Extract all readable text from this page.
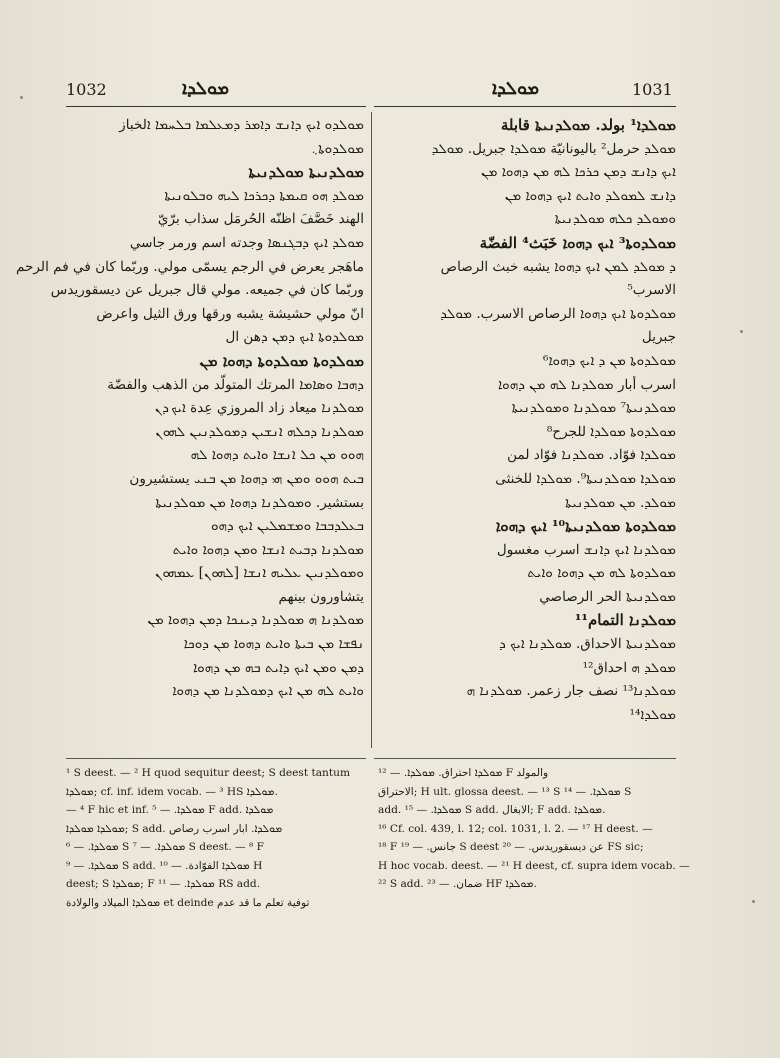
1032	ܡܘܠܕܐ	ܡܘܠܕܐ	1031
ܡܘܠܕܘ ܐܝܟ ܕܐܢܫ ܕܐܡܪ ܕܡܥܠܡܐ ܒܠܚܡܐ ܐلخباز
ܡܘܠܕܘܬܐ܆
ܡܘܠܕܢܝܬܐ ܡܘܠܕܢܝܬܐ
ܡܘܠܕ ܗܘ ܩܝܡܬܐ ܕܟܪܟܐ ܠܝܗ ܘܒܠܘܢܝܬܐ
الهند خَصَّفَ اظنّه الحُرمَل سذاب برّيّ
ܡܘܠܕ ܐܝܟ ܕܒܓܢܣܐ وجدته اسم ورمر جاسي
ماهَجر يعرض في الرجم يسمّى مولي. وربّما كان في فم الرحم
وربّما كان في جميعه. مولي قال جبريل عن ديسقوريدس
انّ مولي حشيشة يشبه ورقها ورق الثيل واعرض
ܡܘܠܕܘܬܐ ܐܝܟ ܕܡܢ ܕهن ال
ܡܘܠܕܘܬܐ ܡܘܠܕܘܬܐ ܕܗܘܐ ܡܢ
ܕܗܒܐ ܘܣܐܡܐ المرتك المتولّد من الذهب والفضّة
ܡܘܠܕܢܐ ميعاد زاد المروزي عِدة ܐܝܟ ܕܢ
ܡܘܠܕܢܐ ܕܟܠܗ ܐܢܫܝܢ ܕܡܘܠܕܢܝܢ ܠܗܘܢ
ܗܘܘ ܡܢ ܟܠ ܐܢܫܐ ܘܐܝܬ ܕܗܘܐ ܠܗ
ܒܝܬ ܗܘܘ ܘܡܢ ܗܝ ܕܗܘܐ ܡܢ ܒܢܝ يستشيرون
بستشير. ܘܡܘܠܕܢܐ ܕܗܘܐ ܡܢ ܡܘܠܕܢܝܬܐ
ܒܥܠܕܒܒܐ ܘܡܫܡܠܝܢ ܐܝܟ ܕܗܘ
ܡܘܠܕܢܐ ܕܒܝܬ ܐܢܫܐ ܘܡܢ ܕܗܘܐ ܘܐܝܬ
ܘܡܘܠܕܢܝܢ ܥܠܝܗ ܐܢܫܐ [ܠܗܘܢ] ܥܡܗܘܢ
يتشاورون بينهم
ܡܘܠܕܢܐ ܗ ܡܘܠܕܢܐ ܕܝܢܟܐ ܕܡܢ ܕܗܘܐ ܡܢ
ܢܦܫܐ ܡܢ ܒܝܬܐ ܘܐܝܬ ܕܗܘܐ ܡܢ ܕܘܟܐ
ܕܡܢ ܘܡܢ ܐܝܟ ܕܐܝܬ ܒܗ ܡܢ ܕܗܘܐ
ܘܐܝܬ ܠܗ ܡܢ ܐܝܟ ܕܡܘܠܕܢܐ ܡܢ ܕܗܘܐ
ܡܘܠܕܐ¹ بولد. ܡܘܠܕܢܝܬܐ قابلة
ܡܘܠܕ حرمل² باليونانيّة ܡܘܠܕܐ جبريل. ܡܘܠܕ
ܐܝܟ ܕܐܢܫ ܕܡܢ ܟܪܟܐ ܠܗ ܡܢ ܕܗܘܐ ܡܢ
ܕܐܢܫ ܠܡܘܠܕ ܘܐܝܬ ܐܝܟ ܕܗܘܐ ܡܢ
ܘܡܘܠܕ ܟܠܗ ܡܘܠܕܢܝܬܐ
ܡܘܠܕܘܬܐ³ ܐܝܟ ܕܗܘܐ خَبَث⁴ الفضّة
ܕ ܡܘܠܕ ܠܡܢ ܐܝܟ ܕܗܘܐ يشبه خبث الرصاص
الاسرب⁵
ܡܘܠܕܘܬܐ ܐܝܟ ܕܗܘܐ الرصاص الاسرب. ܡܘܠܕ
جبريل
ܡܘܠܕܘܬܐ ܡܢ ܕ ܐܝܟ ܕܗܘܐ⁶
اسرب أبار ܡܘܠܕܢܐ ܠܗ ܡܢ ܕܗܘܐ
ܡܘܠܕܢܝܬܐ⁷ ܡܘܠܕܢܐ ܘܡܘܠܕܢܝܬܐ
ܡܘܠܕܘܬܐ ܡܘܠܕܐ للجرح⁸
ܡܘܠܕܐ فوّاد. ܡܘܠܕܢܐ فوّاد لمن
ܡܘܠܕܐ ܡܘܠܕܢܝܬܐ⁹. ܡܘܠܕܐ للخنثى
ܡܘܠܕ. ܡܢ ܡܘܠܕܢܝܬܐ
ܡܘܠܕܘܬܐ ܡܘܠܕܢܝܬܐ¹⁰ ܐܝܟ ܕܗܘܐ
ܡܘܠܕܢܐ ܐܝܟ ܕܐܢܫ اسرب مغسول
ܡܘܠܕܘܬܐ ܠܗ ܡܢ ܕܗܘܐ ܘܐܝܬ
ܡܘܠܕܢܝܬܐ الحر الرصاصي
ܡܘܠܕܢܐ التمام¹¹
ܡܘܠܕܢܝܬܐ الاحداق. ܡܘܠܕܢܐ ܐܝܟ ܕ
ܡܘܠܕ ܗ احداق¹²
ܡܘܠܕܢܐ¹³ نصف جار زعمر. ܡܘܠܕܢܐ ܗ
ܡܘܠܕܐ¹⁴
¹ S deest. — ² H quod sequitur deest; S deest tantum
ܡܘܠܕܐ; cf. inf. idem vocab. — ³ HS ܡܘܠܕܐ.
— ⁴ F hic et inf. ܡܘܠܕܐ. — ⁵ F add. ܡܘܠܕܐ
ܡܘܠܕܐ ܡܘܠܕܐ; S add. ܡܘܠܕܐ. ابار اسرب رصاص
ܡܘܠܕܐ. — ⁶ S ܡܘܠܕܐ. — ⁷ S deest. — ⁸ F
ܡܘܠܕܐ. — ⁹ S add. ܡܘܠܕܐ الفوّادة. — ¹⁰ H
deest; S ܡܘܠܕܐ; F ܡܘܠܕܐ. — ¹¹ RS add.
ܡܘܠܕܐ الميلاد والولادة et deinde توفية تعلم ما قد عدم
ܡܘܠܕܐ احتراق. ܡܘܠܕܐ. — ¹² F والمولد
الاحتراق; H ult. glossa deest. — ¹³ S ܡܘܠܕܐ. — ¹⁴ S
add. ܡܘܠܕܐ. — ¹⁵ S add. الابغال; F add. ܡܘܠܕܐ.
¹⁶ Cf. col. 439, l. 12; col. 1031, l. 2. — ¹⁷ H deest. —
¹⁸ F جانس. — ¹⁹ S deest عن ديسقوريدس. — ²⁰ FS sic;
H hoc vocab. deest. — ²¹ H deest, cf. supra idem vocab. —
²² S add. ضمان. — ²³ HF ܡܘܠܕܐ.
